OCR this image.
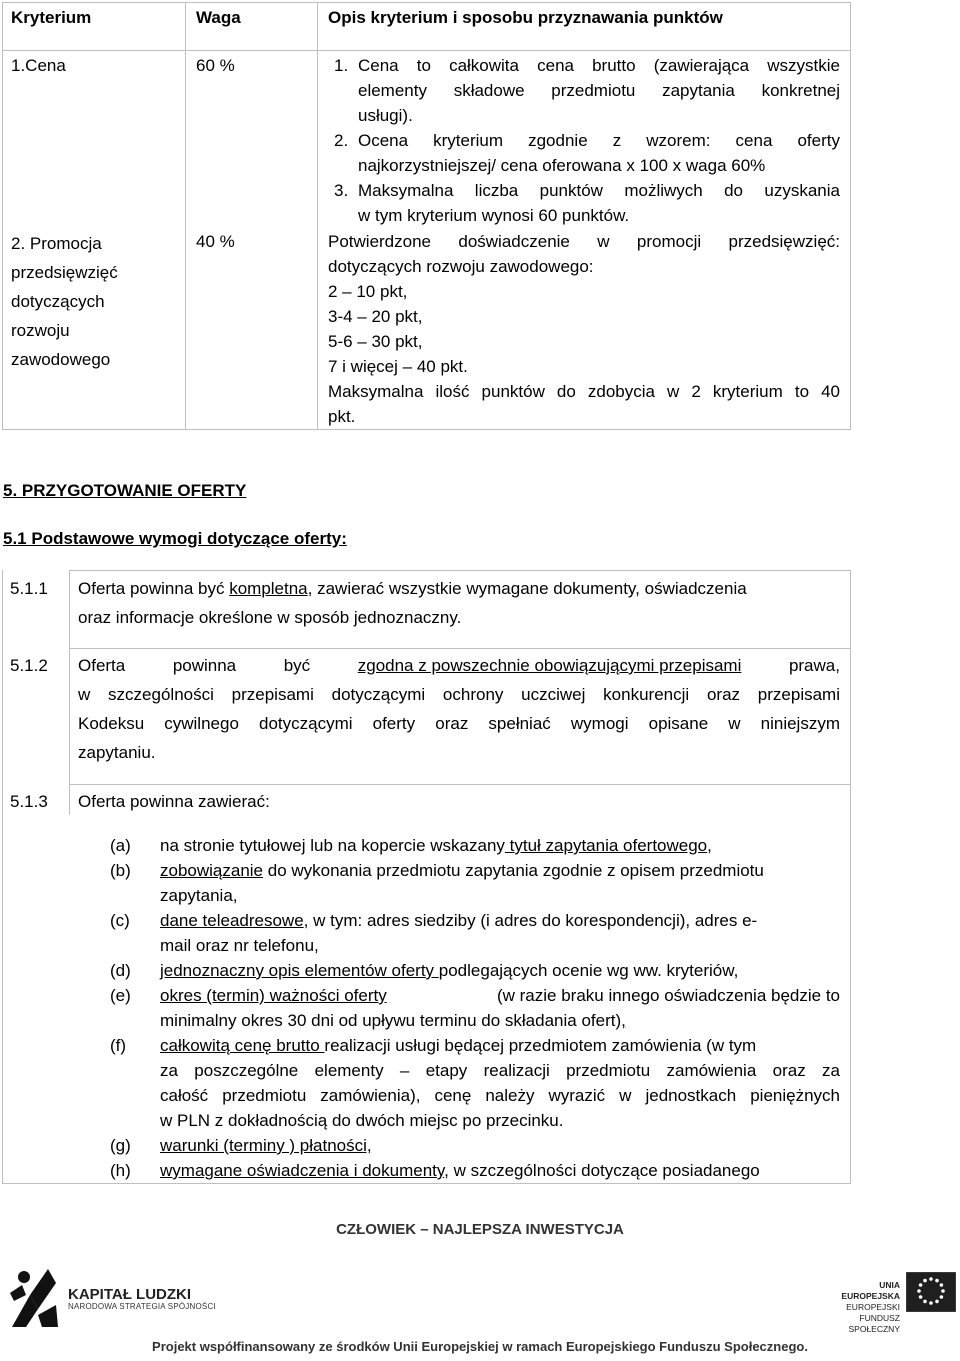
Kryterium	Waga	Opis kryterium i sposobu przyznawania punktów
1.Cena	60 %	1. Cena to całkowita cena brutto (zawierająca wszystkie
elementy składowe przedmiotu zapytania konkretnej
usługi).
2. Ocena kryterium zgodnie z wzorem: cena oferty
najkorzystniejszej/ cena oferowana x 100 x waga 60%
3. Maksymalna liczba punktów możliwych do uzyskania
w tym kryterium wynosi 60 punktów.
2. Promocja
przedsięwzięć
dotyczących
rozwoju
zawodowego
40 %	Potwierdzone doświadczenie w promocji przedsięwzięć:
dotyczących rozwoju zawodowego:
2 – 10 pkt,
3-4 – 20 pkt,
5-6 – 30 pkt,
7 i więcej – 40 pkt.
Maksymalna ilość punktów do zdobycia w 2 kryterium to 40
pkt.
5. PRZYGOTOWANIE OFERTY
5.1 Podstawowe wymogi dotyczące oferty:
5.1.1 Oferta powinna być kompletna, zawierać wszystkie wymagane dokumenty, oświadczenia
oraz informacje określone w sposób jednoznaczny.
5.1.2 Oferta	powinna	być	zgodna z powszechnie obowiązującymi przepisami	prawa,
w szczególności przepisami dotyczącymi ochrony uczciwej konkurencji oraz przepisami
Kodeksu cywilnego dotyczącymi oferty oraz spełniać wymogi opisane w niniejszym
zapytaniu.
5.1.3 Oferta powinna zawierać:
(a) na stronie tytułowej lub na kopercie wskazany tytuł zapytania ofertowego,
(b) zobowiązanie do wykonania przedmiotu zapytania zgodnie z opisem przedmiotu
zapytania,
(c) dane teleadresowe, w tym: adres siedziby (i adres do korespondencji), adres e-
mail oraz nr telefonu,
(d) jednoznaczny opis elementów oferty podlegających ocenie wg ww. kryteriów,
(e) okres (termin) ważności oferty	(w razie braku innego oświadczenia będzie to
minimalny okres 30 dni od upływu terminu do składania ofert),
(f) całkowitą cenę brutto realizacji usługi będącej przedmiotem zamówienia (w tym
za poszczególne elementy – etapy realizacji przedmiotu zamówienia oraz za
całość przedmiotu zamówienia), cenę należy wyrazić w jednostkach pieniężnych
w PLN z dokładnością do dwóch miejsc po przecinku.
(g) warunki (terminy ) płatności,
(h) wymagane oświadczenia i dokumenty, w szczególności dotyczące posiadanego
CZŁOWIEK – NAJLEPSZA INWESTYCJA
KAPITAŁ LUDZKI
NARODOWA STRATEGIA SPÓJNOŚCI
UNIA EUROPEJSKA
EUROPEJSKI
FUNDUSZ SPOŁECZNY
Projekt współfinansowany ze środków Unii Europejskiej w ramach Europejskiego Funduszu Społecznego.
